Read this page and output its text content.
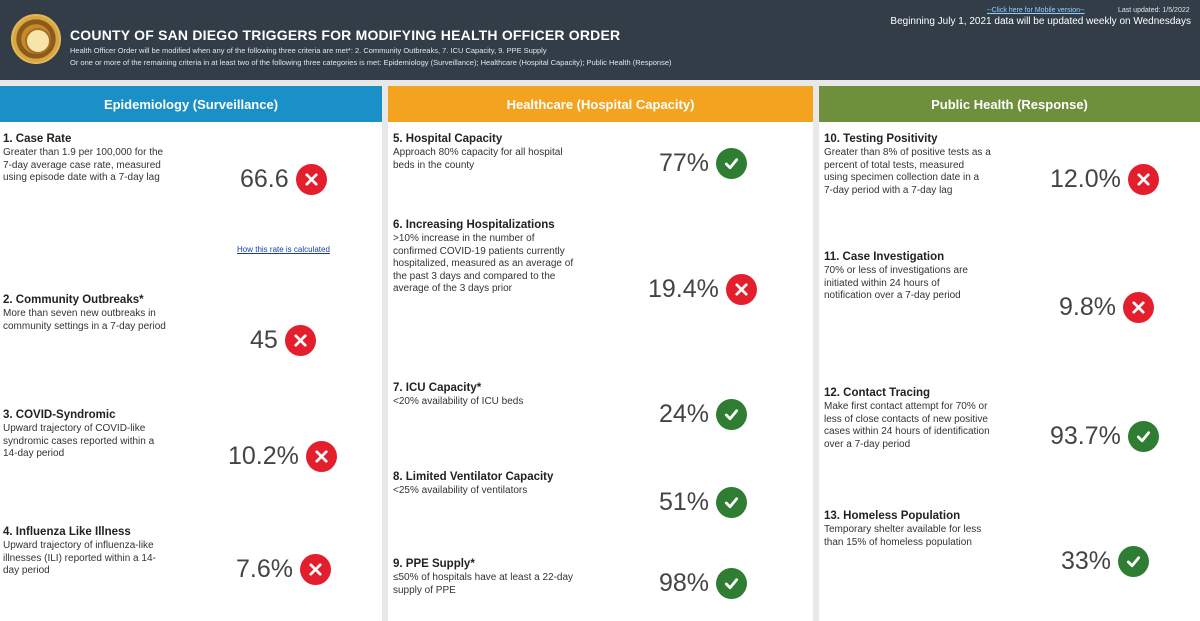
COUNTY OF SAN DIEGO TRIGGERS FOR MODIFYING HEALTH OFFICER ORDER
Health Officer Order will be modified when any of the following three criteria are met*: 2. Community Outbreaks, 7. ICU Capacity, 9. PPE Supply
Or one or more of the remaining criteria in at least two of the following three categories is met: Epidemiology (Surveillance); Healthcare (Hospital Capacity); Public Health (Response)
--Click here for Mobile version--	Last updated: 1/5/2022
Beginning July 1, 2021 data will be updated weekly on Wednesdays
Epidemiology (Surveillance)
1. Case Rate
Greater than 1.9 per 100,000 for the
7-day average case rate, measured
using episode date with a 7-day lag	66.6
How this rate is calculated
2. Community Outbreaks*
More than seven new outbreaks in
community settings in a 7-day period	45
3. COVID-Syndromic
Upward trajectory of COVID-like
syndromic cases reported within a
14-day period	10.2%
4. Influenza Like Illness
Upward trajectory of influenza-like
illnesses (ILI) reported within a 14-
day period	7.6%
Healthcare (Hospital Capacity)
5. Hospital Capacity
Approach 80% capacity for all hospital
beds in the county	77%
6. Increasing Hospitalizations
>10% increase in the number of
confirmed COVID-19 patients currently
hospitalized, measured as an average of
the past 3 days and compared to the
average of the 3 days prior	19.4%
7. ICU Capacity*
<20% availability of ICU beds	24%
8. Limited Ventilator Capacity
<25% availability of ventilators	51%
9. PPE Supply*
≤50% of hospitals have at least a 22-day
supply of PPE	98%
Public Health (Response)
10. Testing Positivity
Greater than 8% of positive tests as a
percent of total tests, measured
using specimen collection date in a
7-day period with a 7-day lag	12.0%
11. Case Investigation
70% or less of investigations are
initiated within 24 hours of
notification over a 7-day period	9.8%
12. Contact Tracing
Make first contact attempt for 70% or
less of close contacts of new positive
cases within 24 hours of identification
over a 7-day period	93.7%
13. Homeless Population
Temporary shelter available for less
than 15% of homeless population
33%
